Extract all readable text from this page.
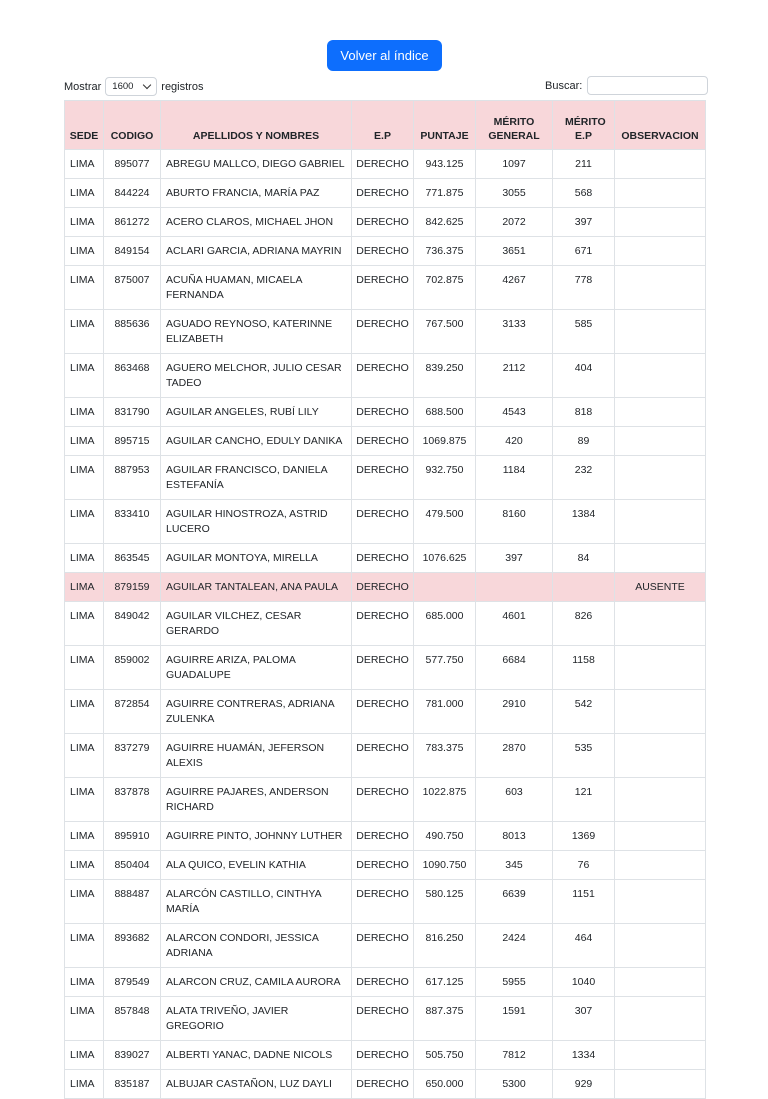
Volver al índice
Mostrar 1600	registros	Buscar:
SEDE	CODIGO	APELLIDOS Y NOMBRES	E.P	PUNTAJE	MÉRITO GENERAL	MÉRITO E.P	OBSERVACION
LIMA	895077	ABREGU MALLCO, DIEGO GABRIEL	DERECHO	943.125	1097	211	
LIMA	844224	ABURTO FRANCIA, MARÍA PAZ	DERECHO	771.875	3055	568	
LIMA	861272	ACERO CLAROS, MICHAEL JHON	DERECHO	842.625	2072	397	
LIMA	849154	ACLARI GARCIA, ADRIANA MAYRIN	DERECHO	736.375	3651	671	
LIMA	875007	ACUÑA HUAMAN, MICAELA FERNANDA	DERECHO	702.875	4267	778	
LIMA	885636	AGUADO REYNOSO, KATERINNE ELIZABETH	DERECHO	767.500	3133	585	
LIMA	863468	AGUERO MELCHOR, JULIO CESAR TADEO	DERECHO	839.250	2112	404	
LIMA	831790	AGUILAR ANGELES, RUBÍ LILY	DERECHO	688.500	4543	818	
LIMA	895715	AGUILAR CANCHO, EDULY DANIKA	DERECHO	1069.875	420	89	
LIMA	887953	AGUILAR FRANCISCO, DANIELA ESTEFANÍA	DERECHO	932.750	1184	232	
LIMA	833410	AGUILAR HINOSTROZA, ASTRID LUCERO	DERECHO	479.500	8160	1384	
LIMA	863545	AGUILAR MONTOYA, MIRELLA	DERECHO	1076.625	397	84	
LIMA	879159	AGUILAR TANTALEAN, ANA PAULA	DERECHO				AUSENTE
LIMA	849042	AGUILAR VILCHEZ, CESAR GERARDO	DERECHO	685.000	4601	826	
LIMA	859002	AGUIRRE ARIZA, PALOMA GUADALUPE	DERECHO	577.750	6684	1158	
LIMA	872854	AGUIRRE CONTRERAS, ADRIANA ZULENKA	DERECHO	781.000	2910	542	
LIMA	837279	AGUIRRE HUAMÁN, JEFERSON ALEXIS	DERECHO	783.375	2870	535	
LIMA	837878	AGUIRRE PAJARES, ANDERSON RICHARD	DERECHO	1022.875	603	121	
LIMA	895910	AGUIRRE PINTO, JOHNNY LUTHER	DERECHO	490.750	8013	1369	
LIMA	850404	ALA QUICO, EVELIN KATHIA	DERECHO	1090.750	345	76	
LIMA	888487	ALARCÓN CASTILLO, CINTHYA MARÍA	DERECHO	580.125	6639	1151	
LIMA	893682	ALARCON CONDORI, JESSICA ADRIANA	DERECHO	816.250	2424	464	
LIMA	879549	ALARCON CRUZ, CAMILA AURORA	DERECHO	617.125	5955	1040	
LIMA	857848	ALATA TRIVEÑO, JAVIER GREGORIO	DERECHO	887.375	1591	307	
LIMA	839027	ALBERTI YANAC, DADNE NICOLS	DERECHO	505.750	7812	1334	
LIMA	835187	ALBUJAR CASTAÑON, LUZ DAYLI	DERECHO	650.000	5300	929	
